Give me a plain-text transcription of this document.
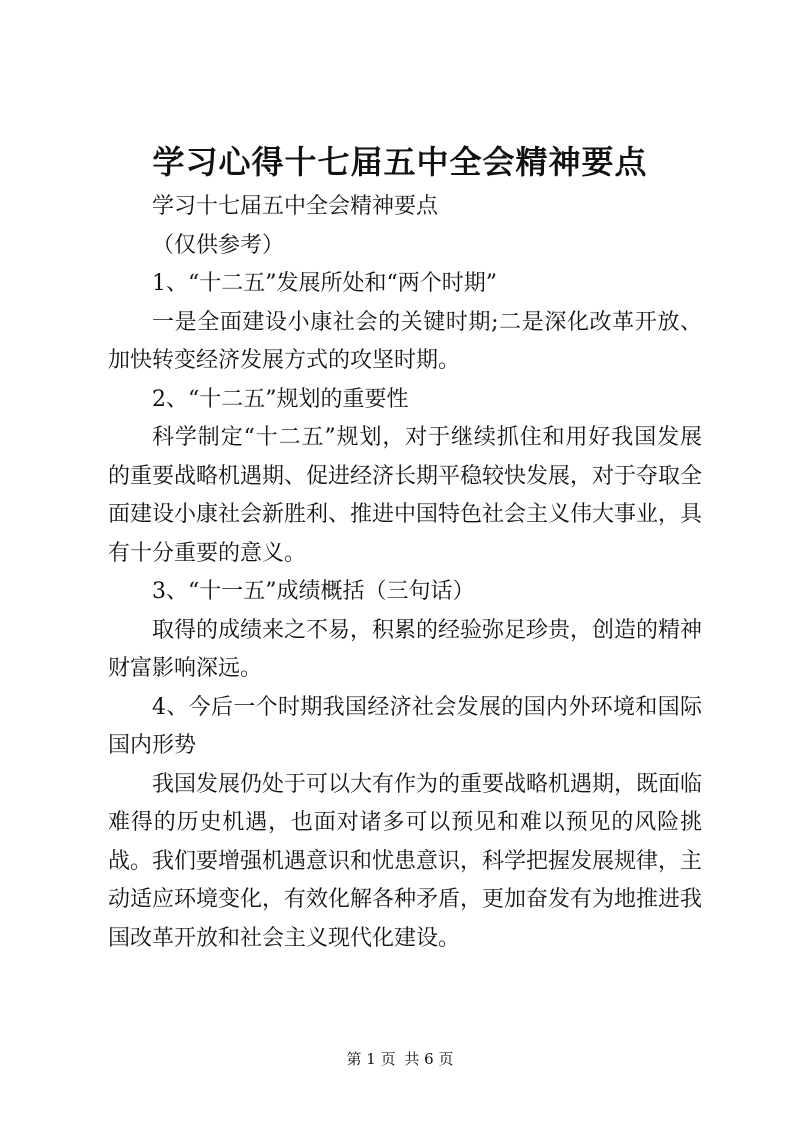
学习心得十七届五中全会精神要点

学习十七届五中全会精神要点

（仅供参考）

1、“十二五”发展所处和“两个时期”

一是全面建设小康社会的关键时期;二是深化改革开放、加快转变经济发展方式的攻坚时期。

2、“十二五”规划的重要性

科学制定“十二五”规划，对于继续抓住和用好我国发展的重要战略机遇期、促进经济长期平稳较快发展，对于夺取全面建设小康社会新胜利、推进中国特色社会主义伟大事业，具有十分重要的意义。

3、“十一五”成绩概括（三句话）

取得的成绩来之不易，积累的经验弥足珍贵，创造的精神财富影响深远。

4、今后一个时期我国经济社会发展的国内外环境和国际国内形势

我国发展仍处于可以大有作为的重要战略机遇期，既面临难得的历史机遇，也面对诸多可以预见和难以预见的风险挑战。我们要增强机遇意识和忧患意识，科学把握发展规律，主动适应环境变化，有效化解各种矛盾，更加奋发有为地推进我国改革开放和社会主义现代化建设。

第 1 页 共 6 页
